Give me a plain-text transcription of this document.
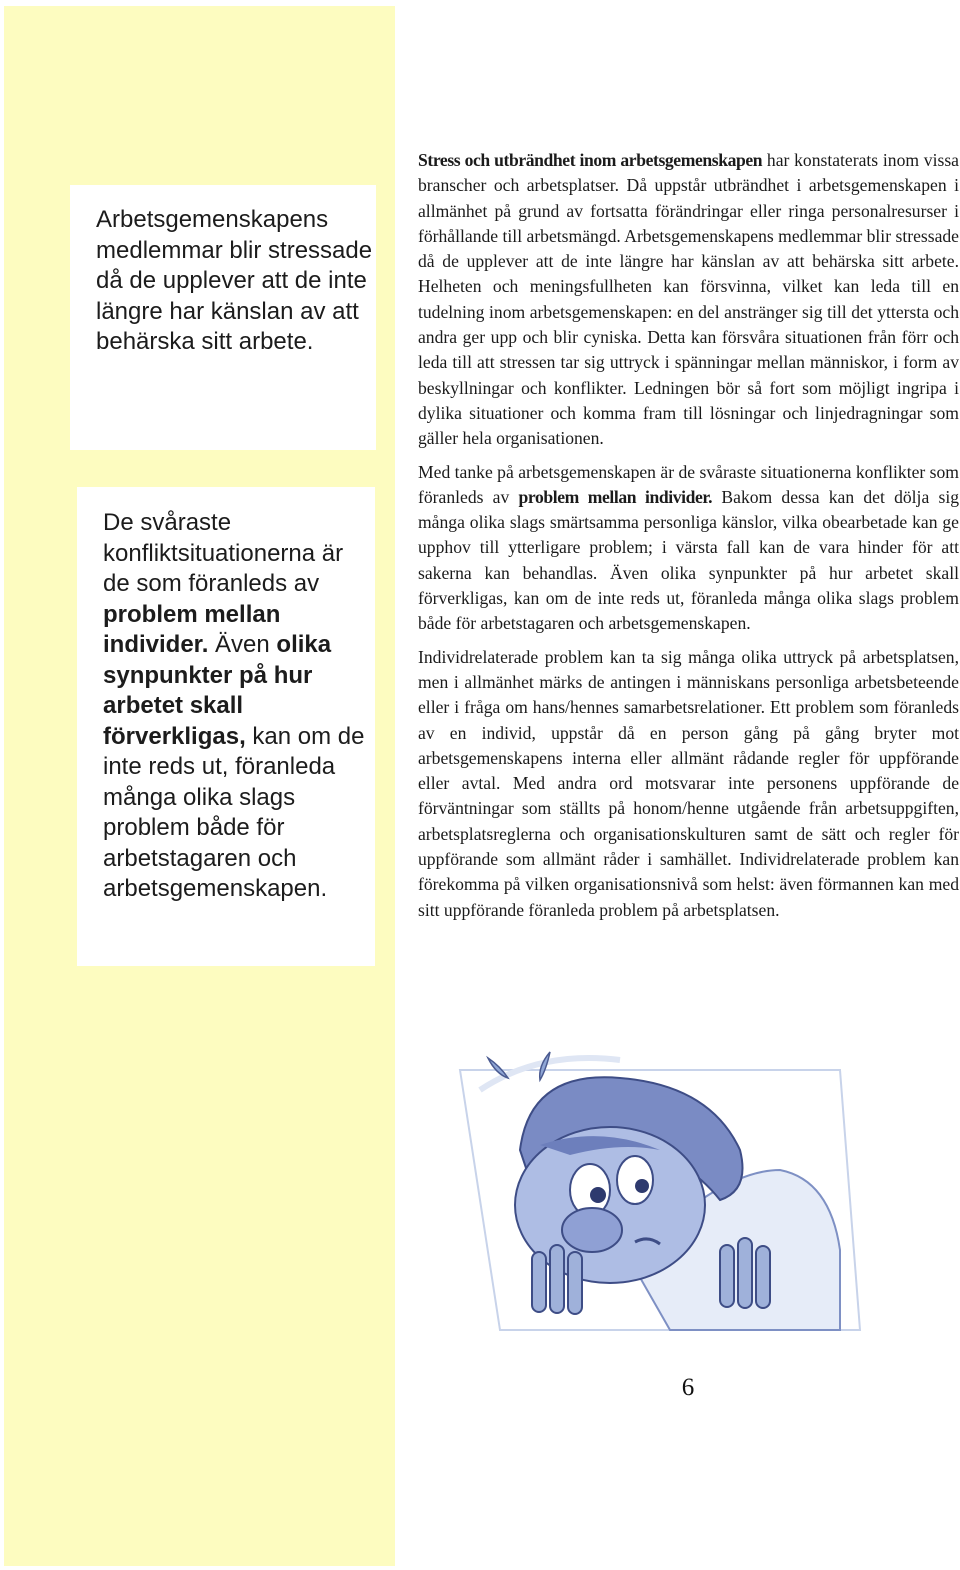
Arbetsgemenskapens medlemmar blir stressade då de upplever att de inte längre har känslan av att behärska sitt arbete.
De svåraste konfliktsituationerna är de som föranleds av problem mellan individer. Även olika synpunkter på hur arbetet skall förverkligas, kan om de inte reds ut, föranleda många olika slags problem både för arbetstagaren och arbetsgemenskapen.

Stress och utbrändhet inom arbetsgemenskapen har konstaterats inom vissa branscher och arbetsplatser. Då uppstår utbrändhet i arbetsgemenskapen i allmänhet på grund av fortsatta förändringar eller ringa personalresurser i förhållande till arbetsmängd. Arbetsgemenskapens medlemmar blir stressade då de upplever att de inte längre har känslan av att behärska sitt arbete. Helheten och meningsfullheten kan försvinna, vilket kan leda till en tudelning inom arbetsgemenskapen: en del anstränger sig till det yttersta och andra ger upp och blir cyniska. Detta kan försvåra situationen från förr och leda till att stressen tar sig uttryck i spänningar mellan människor, i form av beskyllningar och konflikter. Ledningen bör så fort som möjligt ingripa i dylika situationer och komma fram till lösningar och linjedragningar som gäller hela organisationen.

Med tanke på arbetsgemenskapen är de svåraste situationerna konflikter som föranleds av problem mellan individer. Bakom dessa kan det dölja sig många olika slags smärtsamma personliga känslor, vilka obearbetade kan ge upphov till ytterligare problem; i värsta fall kan de vara hinder för att sakerna kan behandlas. Även olika synpunkter på hur arbetet skall förverkligas, kan om de inte reds ut, föranleda många olika slags problem både för arbetstagaren och arbetsgemenskapen.

Individrelaterade problem kan ta sig många olika uttryck på arbetsplatsen, men i allmänhet märks de antingen i människans personliga arbetsbeteende eller i fråga om hans/hennes samarbetsrelationer. Ett problem som föranleds av en individ, uppstår då en person gång på gång bryter mot arbetsgemenskapens interna eller allmänt rådande regler för uppförande eller avtal. Med andra ord motsvarar inte personens uppförande de förväntningar som ställts på honom/henne utgående från arbetsuppgiften, arbetsplatsreglerna och organisationskulturen samt de sätt och regler för uppförande som allmänt råder i samhället. Individrelaterade problem kan förekomma på vilken organisationsnivå som helst: även förmannen kan med sitt uppförande föranleda problem på arbetsplatsen.

6
